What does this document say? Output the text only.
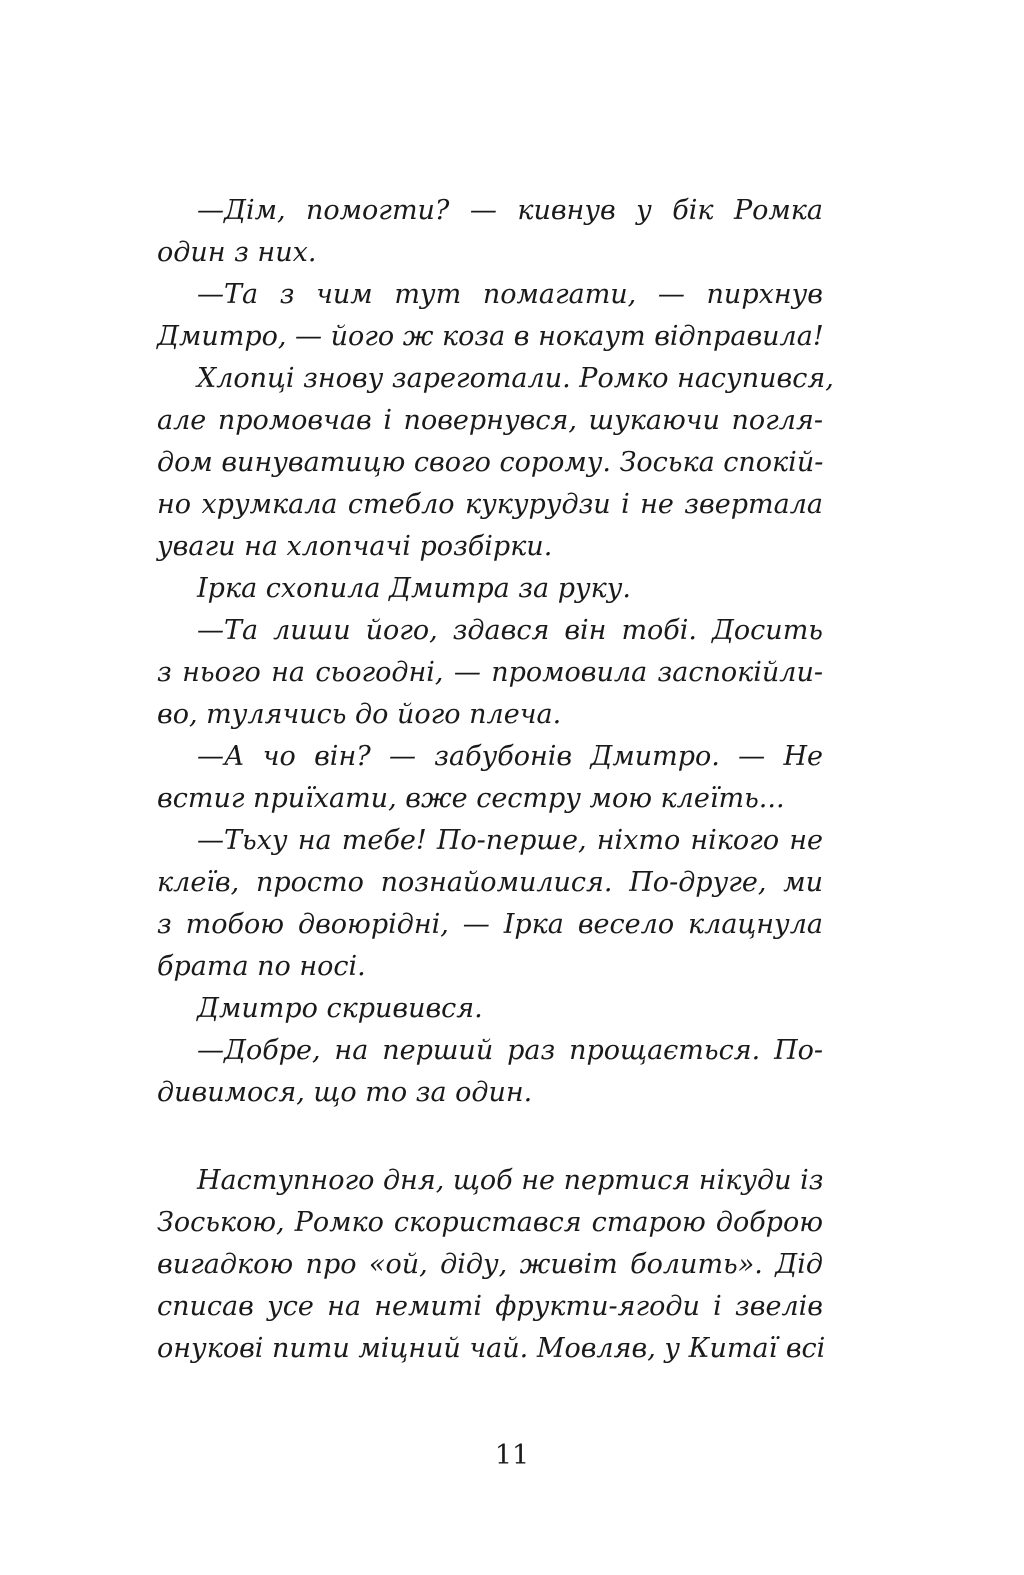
—Дім, помогти? — кивнув у бік Ромка
один з них.
—Та з чим тут помагати, — пирхнув
Дмитро, — його ж коза в нокаут відправила!
Хлопці знову зареготали. Ромко насупився,
але промовчав і повернувся, шукаючи погля-
дом винуватицю свого сорому. Зоська спокій-
но хрумкала стебло кукурудзи і не звертала
уваги на хлопчачі розбірки.
Ірка схопила Дмитра за руку.
—Та лиши його, здався він тобі. Досить
з нього на сьогодні, — промовила заспокійли-
во, тулячись до його плеча.
—А чо він? — забубонів Дмитро. — Не
встиг приїхати, вже сестру мою клеїть...
—Тьху на тебе! По-перше, ніхто нікого не
клеїв, просто познайомилися. По-друге, ми
з тобою двоюрідні, — Ірка весело клацнула
брата по носі.
Дмитро скривився.
—Добре, на перший раз прощається. По-
дивимося, що то за один.
Наступного дня, щоб не пертися нікуди із
Зоською, Ромко скористався старою доброю
вигадкою про «ой, діду, живіт болить». Дід
списав усе на немиті фрукти-ягоди і звелів
онукові пити міцний чай. Мовляв, у Китаї всі
11
